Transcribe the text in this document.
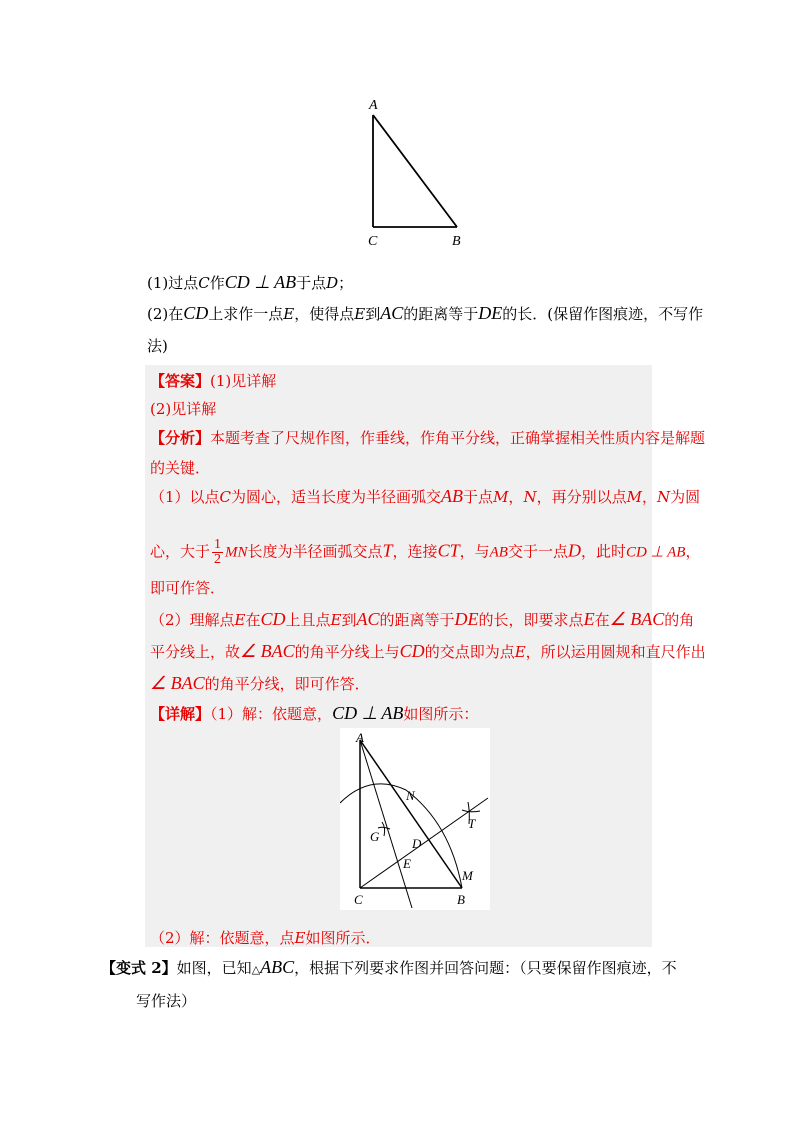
A
C	B
(1)过点C作CD ⊥ AB于点D；
(2)在CD上求作一点E，使得点E到AC的距离等于DE的长．(保留作图痕迹，不写作
法)
【答案】(1)见详解
(2)见详解
【分析】本题考查了尺规作图，作垂线，作角平分线，正确掌握相关性质内容是解题
的关键．
（1）以点C为圆心，适当长度为半径画弧交AB于点M，N，再分别以点M，N为圆
心，大于 $\frac{1}{2}$ MN长度为半径画弧交点T，连接CT，与AB交于一点D，此时CD ⊥ AB，
即可作答．
（2）理解点E在CD上且点E到AC的距离等于DE的长，即要求点E在∠ BAC的角
平分线上，故∠ BAC的角平分线上与CD的交点即为点E，所以运用圆规和直尺作出
∠ BAC的角平分线，即可作答．
【详解】（1）解：依题意，CD ⊥ AB如图所示：
A
N
T
G	D
E
M
C	B
（2）解：依题意，点E如图所示．
【变式 2】如图，已知△ABC，根据下列要求作图并回答问题：（只要保留作图痕迹，不
写作法）
